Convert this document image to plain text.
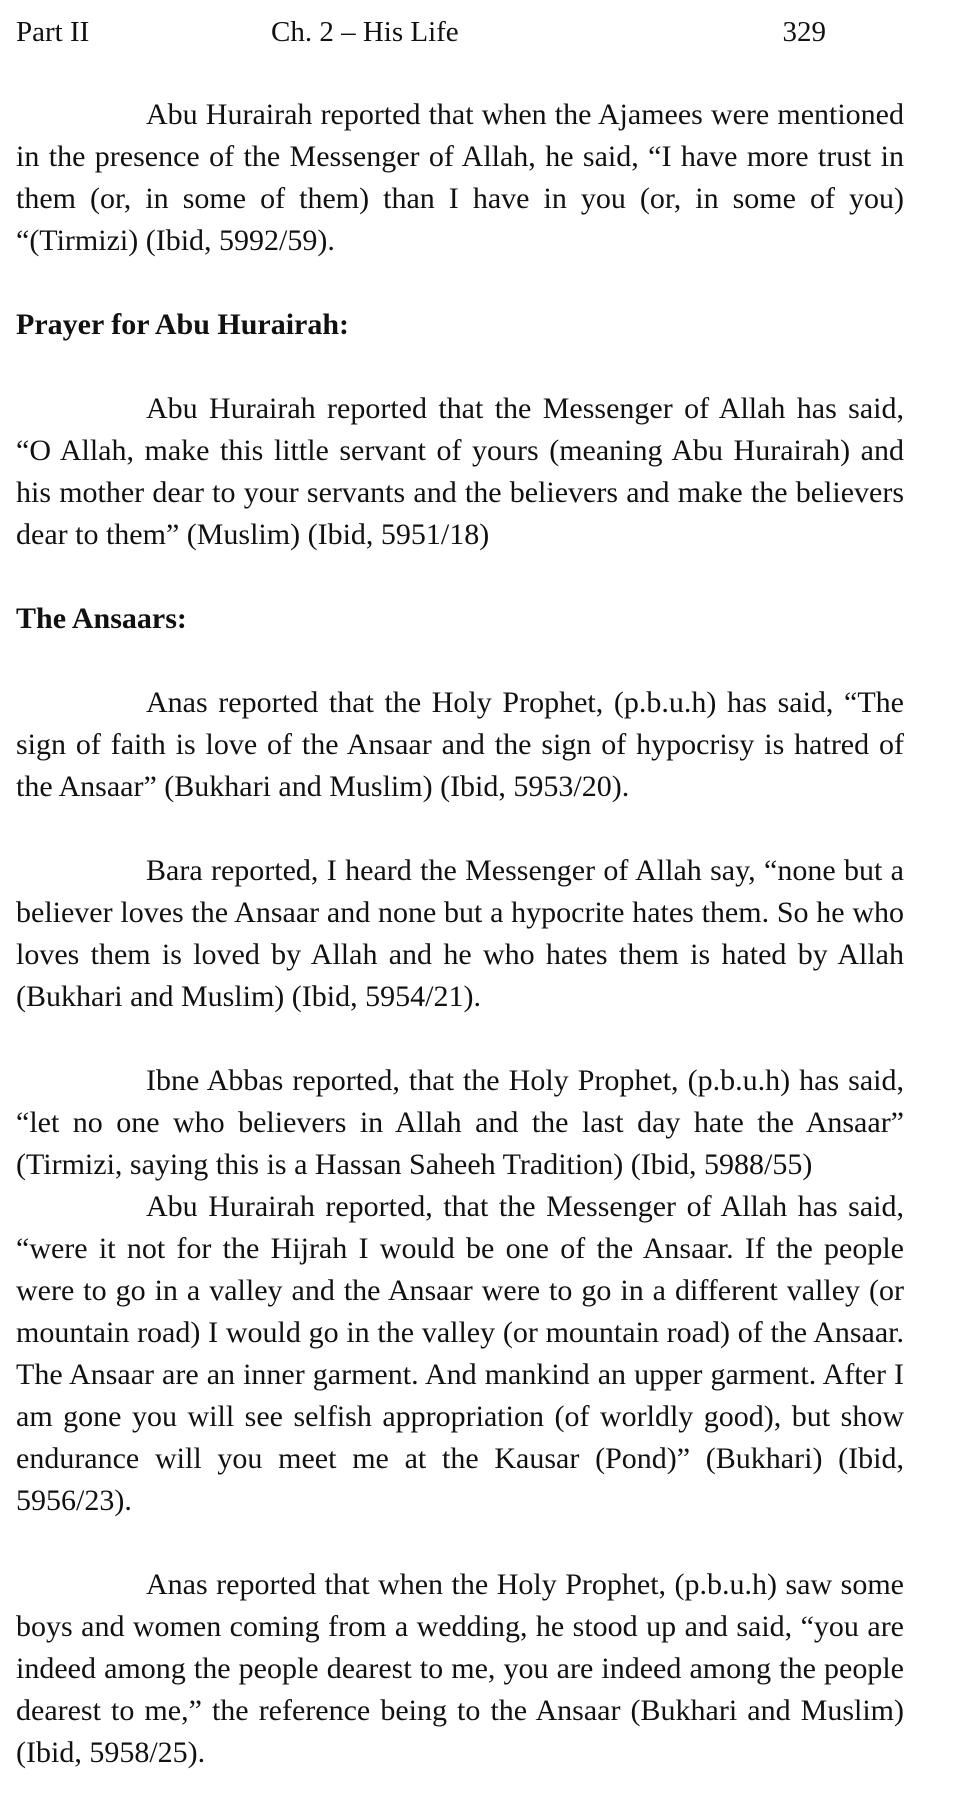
Part II	Ch. 2 – His Life	329

Abu Hurairah reported that when the Ajamees were mentioned in the presence of the Messenger of Allah, he said, “I have more trust in them (or, in some of them) than I have in you (or, in some of you) “(Tirmizi) (Ibid, 5992/59).

Prayer for Abu Hurairah:

Abu Hurairah reported that the Messenger of Allah has said, “O Allah, make this little servant of yours (meaning Abu Hurairah) and his mother dear to your servants and the believers and make the believers dear to them” (Muslim) (Ibid, 5951/18)

The Ansaars:

Anas reported that the Holy Prophet, (p.b.u.h) has said, “The sign of faith is love of the Ansaar and the sign of hypocrisy is hatred of the Ansaar” (Bukhari and Muslim) (Ibid, 5953/20).

Bara reported, I heard the Messenger of Allah say, “none but a believer loves the Ansaar and none but a hypocrite hates them. So he who loves them is loved by Allah and he who hates them is hated by Allah (Bukhari and Muslim) (Ibid, 5954/21).

Ibne Abbas reported, that the Holy Prophet, (p.b.u.h) has said, “let no one who believers in Allah and the last day hate the Ansaar” (Tirmizi, saying this is a Hassan Saheeh Tradition) (Ibid, 5988/55)

Abu Hurairah reported, that the Messenger of Allah has said, “were it not for the Hijrah I would be one of the Ansaar. If the people were to go in a valley and the Ansaar were to go in a different valley (or mountain road) I would go in the valley (or mountain road) of the Ansaar. The Ansaar are an inner garment. And mankind an upper garment. After I am gone you will see selfish appropriation (of worldly good), but show endurance will you meet me at the Kausar (Pond)” (Bukhari) (Ibid, 5956/23).

Anas reported that when the Holy Prophet, (p.b.u.h) saw some boys and women coming from a wedding, he stood up and said, “you are indeed among the people dearest to me, you are indeed among the people dearest to me,” the reference being to the Ansaar (Bukhari and Muslim) (Ibid, 5958/25).
